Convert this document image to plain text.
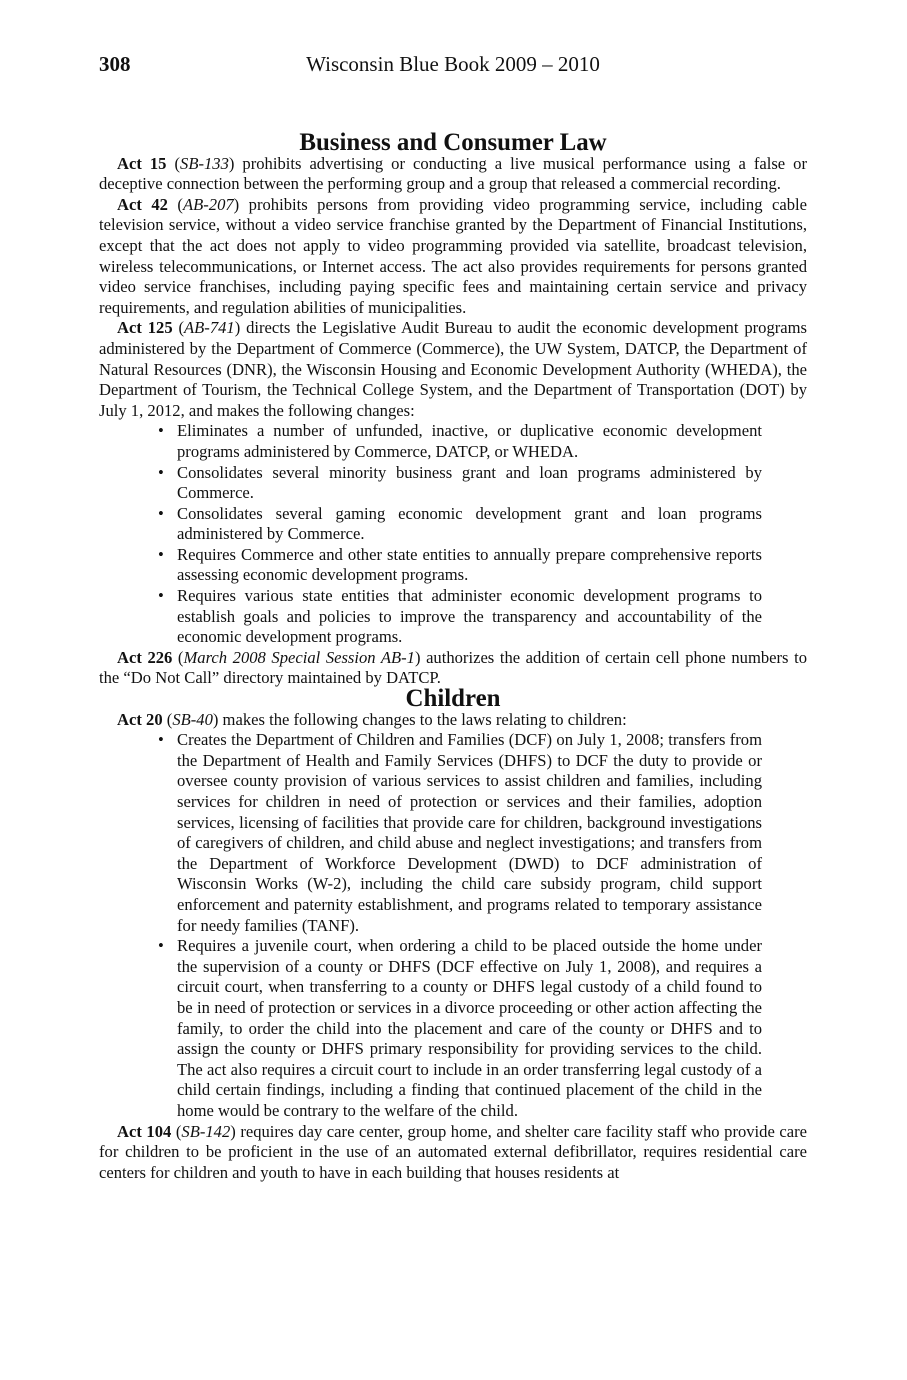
308	Wisconsin Blue Book 2009 – 2010
Business and Consumer Law

Act 15 (SB-133) prohibits advertising or conducting a live musical performance using a false or deceptive connection between the performing group and a group that released a commercial recording.

Act 42 (AB-207) prohibits persons from providing video programming service, including cable television service, without a video service franchise granted by the Department of Financial Institutions, except that the act does not apply to video programming provided via satellite, broadcast television, wireless telecommunications, or Internet access. The act also provides requirements for persons granted video service franchises, including paying specific fees and maintaining certain service and privacy requirements, and regulation abilities of municipalities.

Act 125 (AB-741) directs the Legislative Audit Bureau to audit the economic development programs administered by the Department of Commerce (Commerce), the UW System, DATCP, the Department of Natural Resources (DNR), the Wisconsin Housing and Economic Development Authority (WHEDA), the Department of Tourism, the Technical College System, and the Department of Transportation (DOT) by July 1, 2012, and makes the following changes:

• Eliminates a number of unfunded, inactive, or duplicative economic development programs administered by Commerce, DATCP, or WHEDA.
• Consolidates several minority business grant and loan programs administered by Commerce.
• Consolidates several gaming economic development grant and loan programs administered by Commerce.
• Requires Commerce and other state entities to annually prepare comprehensive reports assessing economic development programs.
• Requires various state entities that administer economic development programs to establish goals and policies to improve the transparency and accountability of the economic development programs.

Act 226 (March 2008 Special Session AB-1) authorizes the addition of certain cell phone numbers to the “Do Not Call” directory maintained by DATCP.

Children

Act 20 (SB-40) makes the following changes to the laws relating to children:

• Creates the Department of Children and Families (DCF) on July 1, 2008; transfers from the Department of Health and Family Services (DHFS) to DCF the duty to provide or oversee county provision of various services to assist children and families, including services for children in need of protection or services and their families, adoption services, licensing of facilities that provide care for children, background investigations of caregivers of children, and child abuse and neglect investigations; and transfers from the Department of Workforce Development (DWD) to DCF administration of Wisconsin Works (W-2), including the child care subsidy program, child support enforcement and paternity establishment, and programs related to temporary assistance for needy families (TANF).
• Requires a juvenile court, when ordering a child to be placed outside the home under the supervision of a county or DHFS (DCF effective on July 1, 2008), and requires a circuit court, when transferring to a county or DHFS legal custody of a child found to be in need of protection or services in a divorce proceeding or other action affecting the family, to order the child into the placement and care of the county or DHFS and to assign the county or DHFS primary responsibility for providing services to the child. The act also requires a circuit court to include in an order transferring legal custody of a child certain findings, including a finding that continued placement of the child in the home would be contrary to the welfare of the child.

Act 104 (SB-142) requires day care center, group home, and shelter care facility staff who provide care for children to be proficient in the use of an automated external defibrillator, requires residential care centers for children and youth to have in each building that houses residents at
